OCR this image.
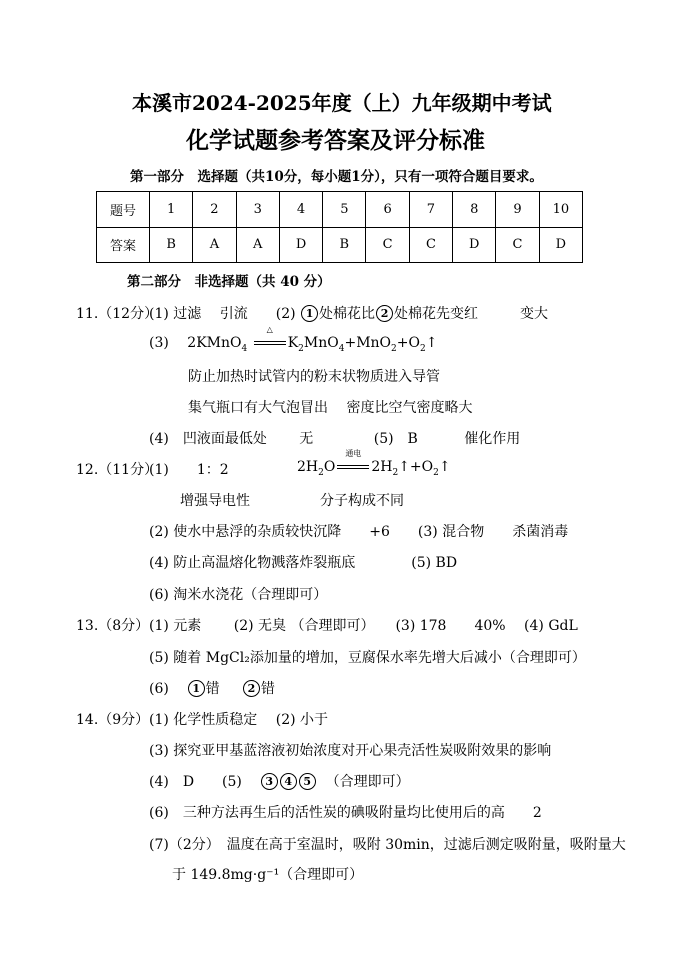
本溪市2024-2025年度（上）九年级期中考试
化学试题参考答案及评分标准
第一部分　选择题（共10分，每小题1分），只有一项符合题目要求。
题号	1	2	3	4	5	6	7	8	9	10
答案	B	A	A	D	B	C	C	D	C	D
第二部分　非选择题（共 40 分）
11.（12分）
(1) 过滤　 引流　　(2) 1 处棉花比 2 处棉花先变红　　　变大
(3) 2KMnO$_4$
△
$K_2MnO_4+MnO_2+O_2↑$
防止加热时试管内的粉末状物质进入导管
集气瓶口有大气泡冒出　 密度比空气密度略大
(4)　凹液面最低处　　 无　　　　 (5)　B　　　 催化作用
12.（11分）
(1)　　1：2	$2H_2O$
通电
$2H_2↑+O_2↑$
增强导电性　　　　　分子构成不同
(2) 使水中悬浮的杂质较快沉降　　+6　　(3) 混合物　　杀菌消毒
(4) 防止高温熔化物溅落炸裂瓶底　　　　(5) BD
(6) 淘米水浇花（合理即可）
13.（8分） (1) 元素　　 (2) 无臭 （合理即可）　　(3) 178　　40%　 (4) GdL
(5) 随着 MgCl₂添加量的增加，豆腐保水率先增大后减小（合理即可）
(6) 1 错	2 错
14.（9分） (1) 化学性质稳定　 (2) 小于
(3) 探究亚甲基蓝溶液初始浓度对开心果壳活性炭吸附效果的影响
(4)　D　　(5) 3 4 5 （合理即可）
(6)　三种方法再生后的活性炭的碘吸附量均比使用后的高　　2
(7)（2分）　温度在高于室温时，吸附 30min，过滤后测定吸附量，吸附量大
于 149.8mg·g⁻¹（合理即可）
